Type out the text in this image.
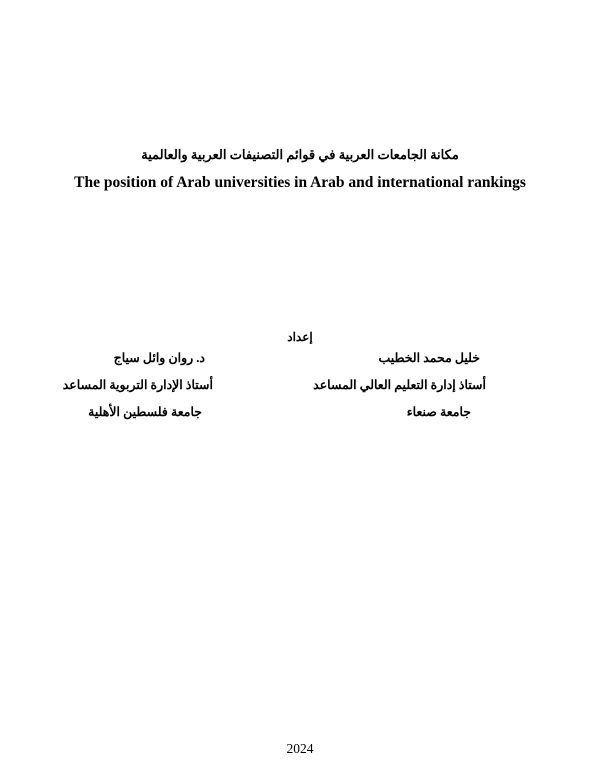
مكانة الجامعات العربية في قوائم التصنيفات العربية والعالمية
The position of Arab universities in Arab and international rankings
إعداد
خليل محمد الخطيب
أستاذ إدارة التعليم العالي المساعد
جامعة صنعاء
د. روان وائل سياج
أستاذ الإدارة التربوية المساعد
جامعة فلسطين الأهلية
2024
